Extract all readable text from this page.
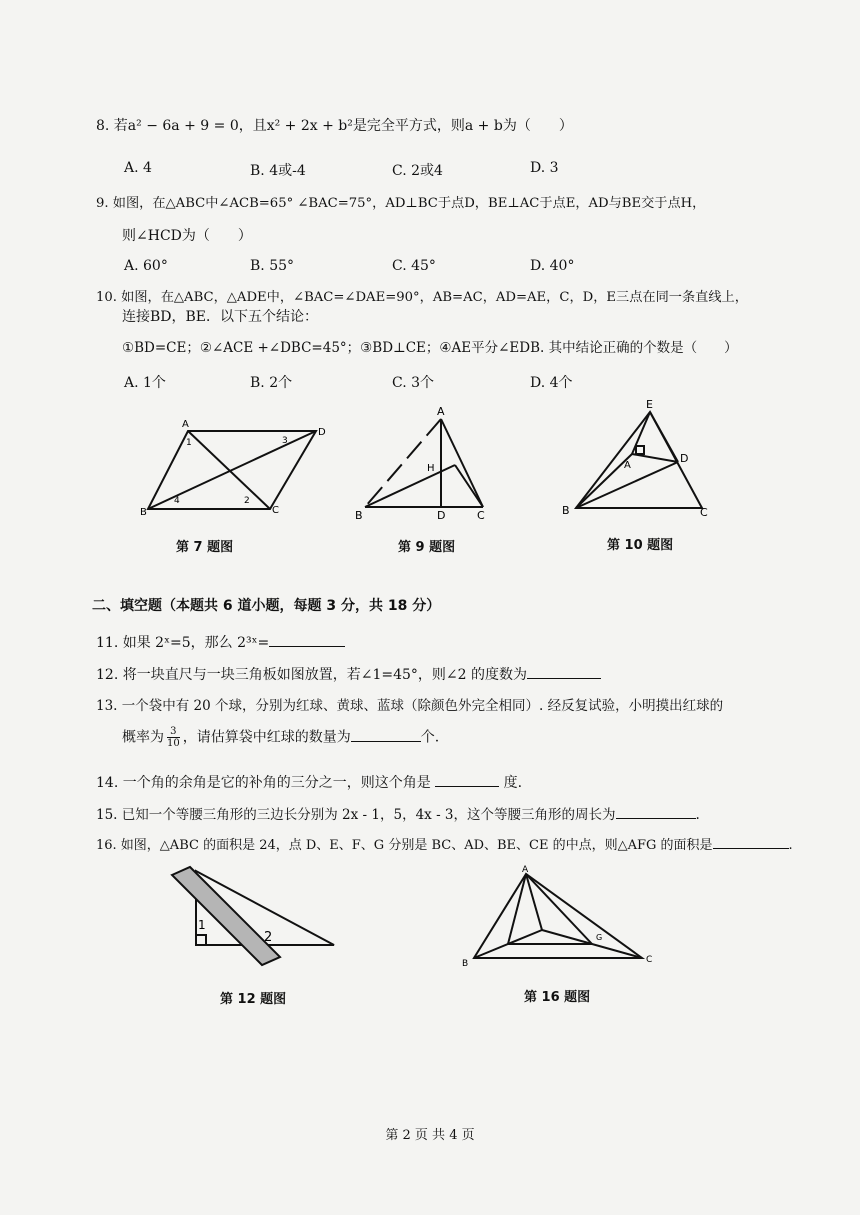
8. 若a² − 6a + 9 = 0，且x² + 2x + b²是完全平方式，则a + b为（　　）
A. 4	B. 4或-4	C. 2或4	D. 3
9. 如图，在△ABC中∠ACB=65° ∠BAC=75°，AD⊥BC于点D，BE⊥AC于点E，AD与BE交于点H，
则∠HCD为（　　）
A. 60°	B. 55°	C. 45°	D. 40°
10. 如图，在△ABC，△ADE中，∠BAC=∠DAE=90°，AB=AC，AD=AE，C，D，E三点在同一条直线上，
连接BD，BE．以下五个结论：
①BD=CE；②∠ACE +∠DBC=45°；③BD⊥CE；④AE平分∠EDB. 其中结论正确的个数是（　　）
A. 1个	B. 2个	C. 3个	D. 4个
A
B	C
D
1
2
3
4
第 7 题图
A
B	C
D
H
第 9 题图
E
B	C
D
A
第 10 题图
二、填空题（本题共 6 道小题，每题 3 分，共 18 分）
11. 如果 2ˣ=5，那么 2³ˣ=
12. 将一块直尺与一块三角板如图放置，若∠1=45°，则∠2 的度数为
13. 一个袋中有 20 个球，分别为红球、黄球、蓝球（除颜色外完全相同）. 经反复试验，小明摸出红球的
概率为 $\frac{3}{10}$ ，请估算袋中红球的数量为	个.
14. 一个角的余角是它的补角的三分之一，则这个角是	度.
15. 已知一个等腰三角形的三边长分别为 2x - 1，5，4x - 3，这个等腰三角形的周长为	.
16. 如图，△ABC 的面积是 24，点 D、E、F、G 分别是 BC、AD、BE、CE 的中点，则△AFG 的面积是	.
1
2
第 12 题图
A
B	C
G
第 16 题图
第 2 页 共 4 页
